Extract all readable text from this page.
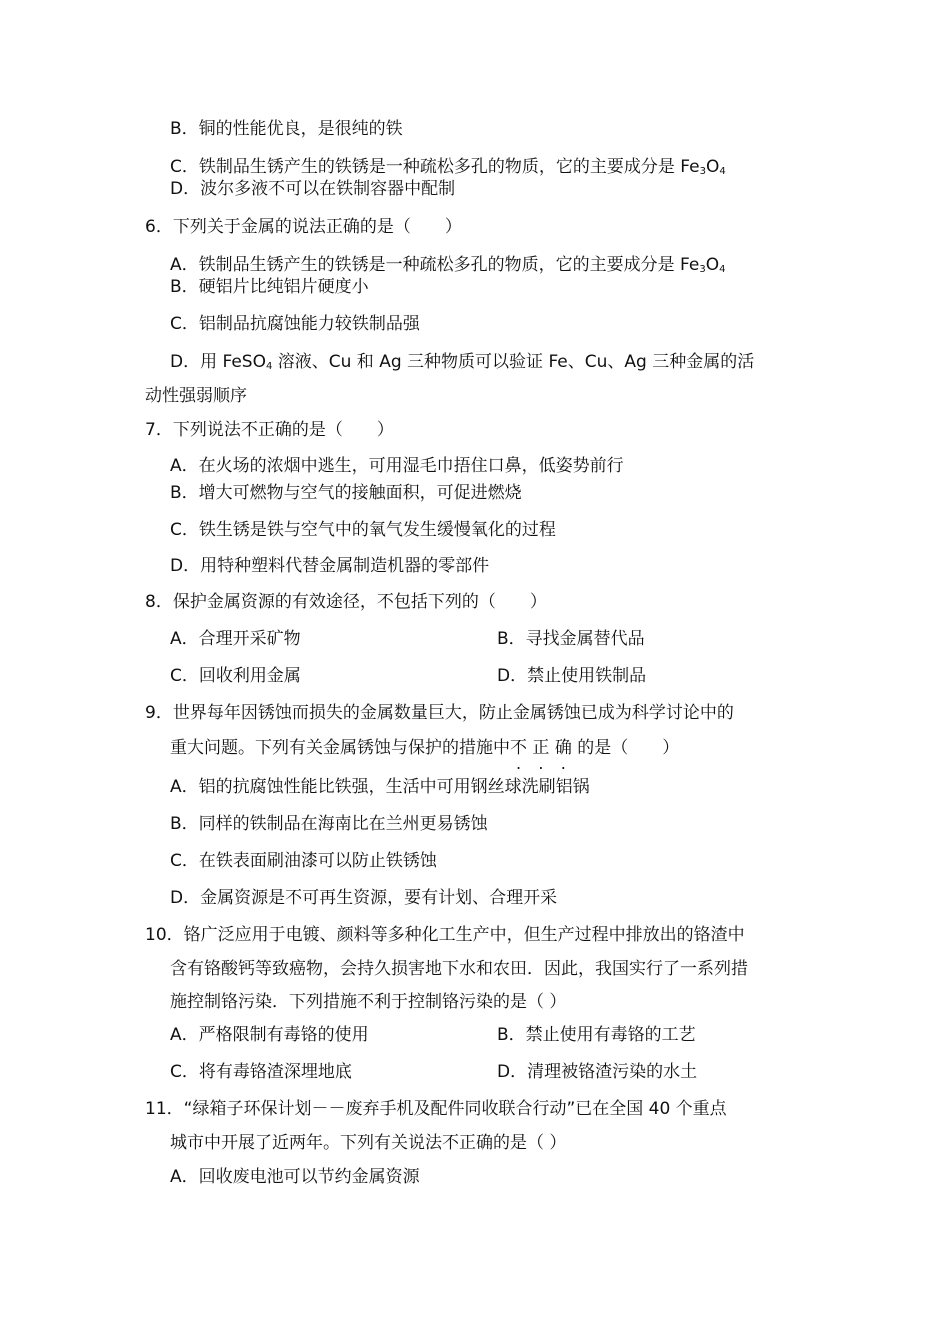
B．铜的性能优良，是很纯的铁
C．铁制品生锈产生的铁锈是一种疏松多孔的物质，它的主要成分是 $Fe_3O_4$
D．波尔多液不可以在铁制容器中配制
6．下列关于金属的说法正确的是（　　）
A．铁制品生锈产生的铁锈是一种疏松多孔的物质，它的主要成分是 $Fe_3O_4$
B．硬铝片比纯铝片硬度小
C．铝制品抗腐蚀能力较铁制品强
D．用 FeSO$_4$ 溶液、Cu 和 Ag 三种物质可以验证 Fe、Cu、Ag 三种金属的活
动性强弱顺序
7．下列说法不正确的是（　　）
A．在火场的浓烟中逃生，可用湿毛巾捂住口鼻，低姿势前行
B．增大可燃物与空气的接触面积，可促进燃烧
C．铁生锈是铁与空气中的氧气发生缓慢氧化的过程
D．用特种塑料代替金属制造机器的零部件
8．保护金属资源的有效途径，不包括下列的（　　）
A．合理开采矿物	B．寻找金属替代品
C．回收利用金属	D．禁止使用铁制品
9．世界每年因锈蚀而损失的金属数量巨大，防止金属锈蚀已成为科学讨论中的
重大问题。下列有关金属锈蚀与保护的措施中不 正 确 的是（　　）
A．铝的抗腐蚀性能比铁强，生活中可用钢丝球洗刷铝锅
B．同样的铁制品在海南比在兰州更易锈蚀
C．在铁表面刷油漆可以防止铁锈蚀
D．金属资源是不可再生资源，要有计划、合理开采
10．铬广泛应用于电镀、颜料等多种化工生产中，但生产过程中排放出的铬渣中
含有铬酸钙等致癌物，会持久损害地下水和农田．因此，我国实行了一系列措
施控制铬污染．下列措施不利于控制铬污染的是（ ）
A．严格限制有毒铬的使用	B．禁止使用有毒铬的工艺
C．将有毒铬渣深埋地底	D．清理被铬渣污染的水土
11．“绿箱子环保计划－－废弃手机及配件同收联合行动”已在全国 40 个重点
城市中开展了近两年。下列有关说法不正确的是（ ）
A．回收废电池可以节约金属资源
